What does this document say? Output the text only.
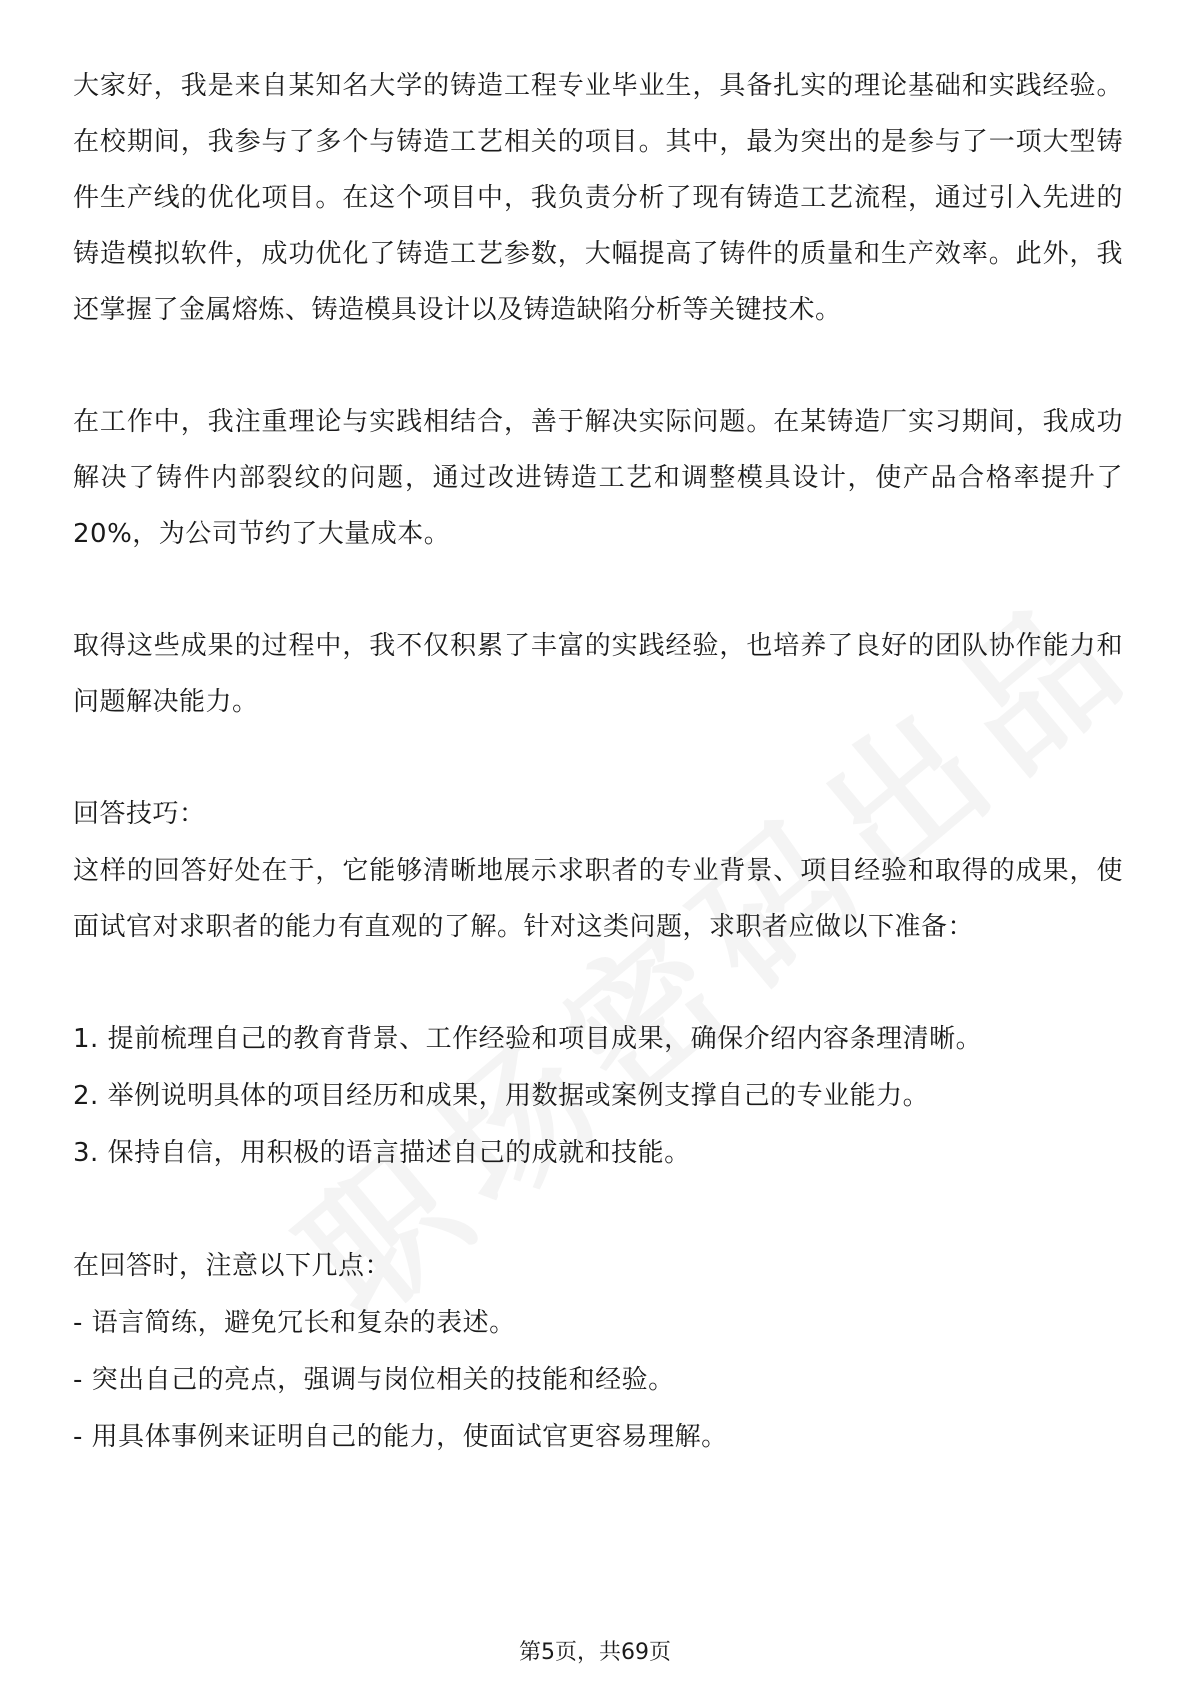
大家好，我是来自某知名大学的铸造工程专业毕业生，具备扎实的理论基础和实践经验。在校期间，我参与了多个与铸造工艺相关的项目。其中，最为突出的是参与了一项大型铸件生产线的优化项目。在这个项目中，我负责分析了现有铸造工艺流程，通过引入先进的铸造模拟软件，成功优化了铸造工艺参数，大幅提高了铸件的质量和生产效率。此外，我还掌握了金属熔炼、铸造模具设计以及铸造缺陷分析等关键技术。

在工作中，我注重理论与实践相结合，善于解决实际问题。在某铸造厂实习期间，我成功解决了铸件内部裂纹的问题，通过改进铸造工艺和调整模具设计，使产品合格率提升了20%，为公司节约了大量成本。

取得这些成果的过程中，我不仅积累了丰富的实践经验，也培养了良好的团队协作能力和问题解决能力。

回答技巧：

这样的回答好处在于，它能够清晰地展示求职者的专业背景、项目经验和取得的成果，使面试官对求职者的能力有直观的了解。针对这类问题，求职者应做以下准备：

1. 提前梳理自己的教育背景、工作经验和项目成果，确保介绍内容条理清晰。

2. 举例说明具体的项目经历和成果，用数据或案例支撑自己的专业能力。

3. 保持自信，用积极的语言描述自己的成就和技能。

在回答时，注意以下几点：

- 语言简练，避免冗长和复杂的表述。

- 突出自己的亮点，强调与岗位相关的技能和经验。

- 用具体事例来证明自己的能力，使面试官更容易理解。

第5页，共69页
